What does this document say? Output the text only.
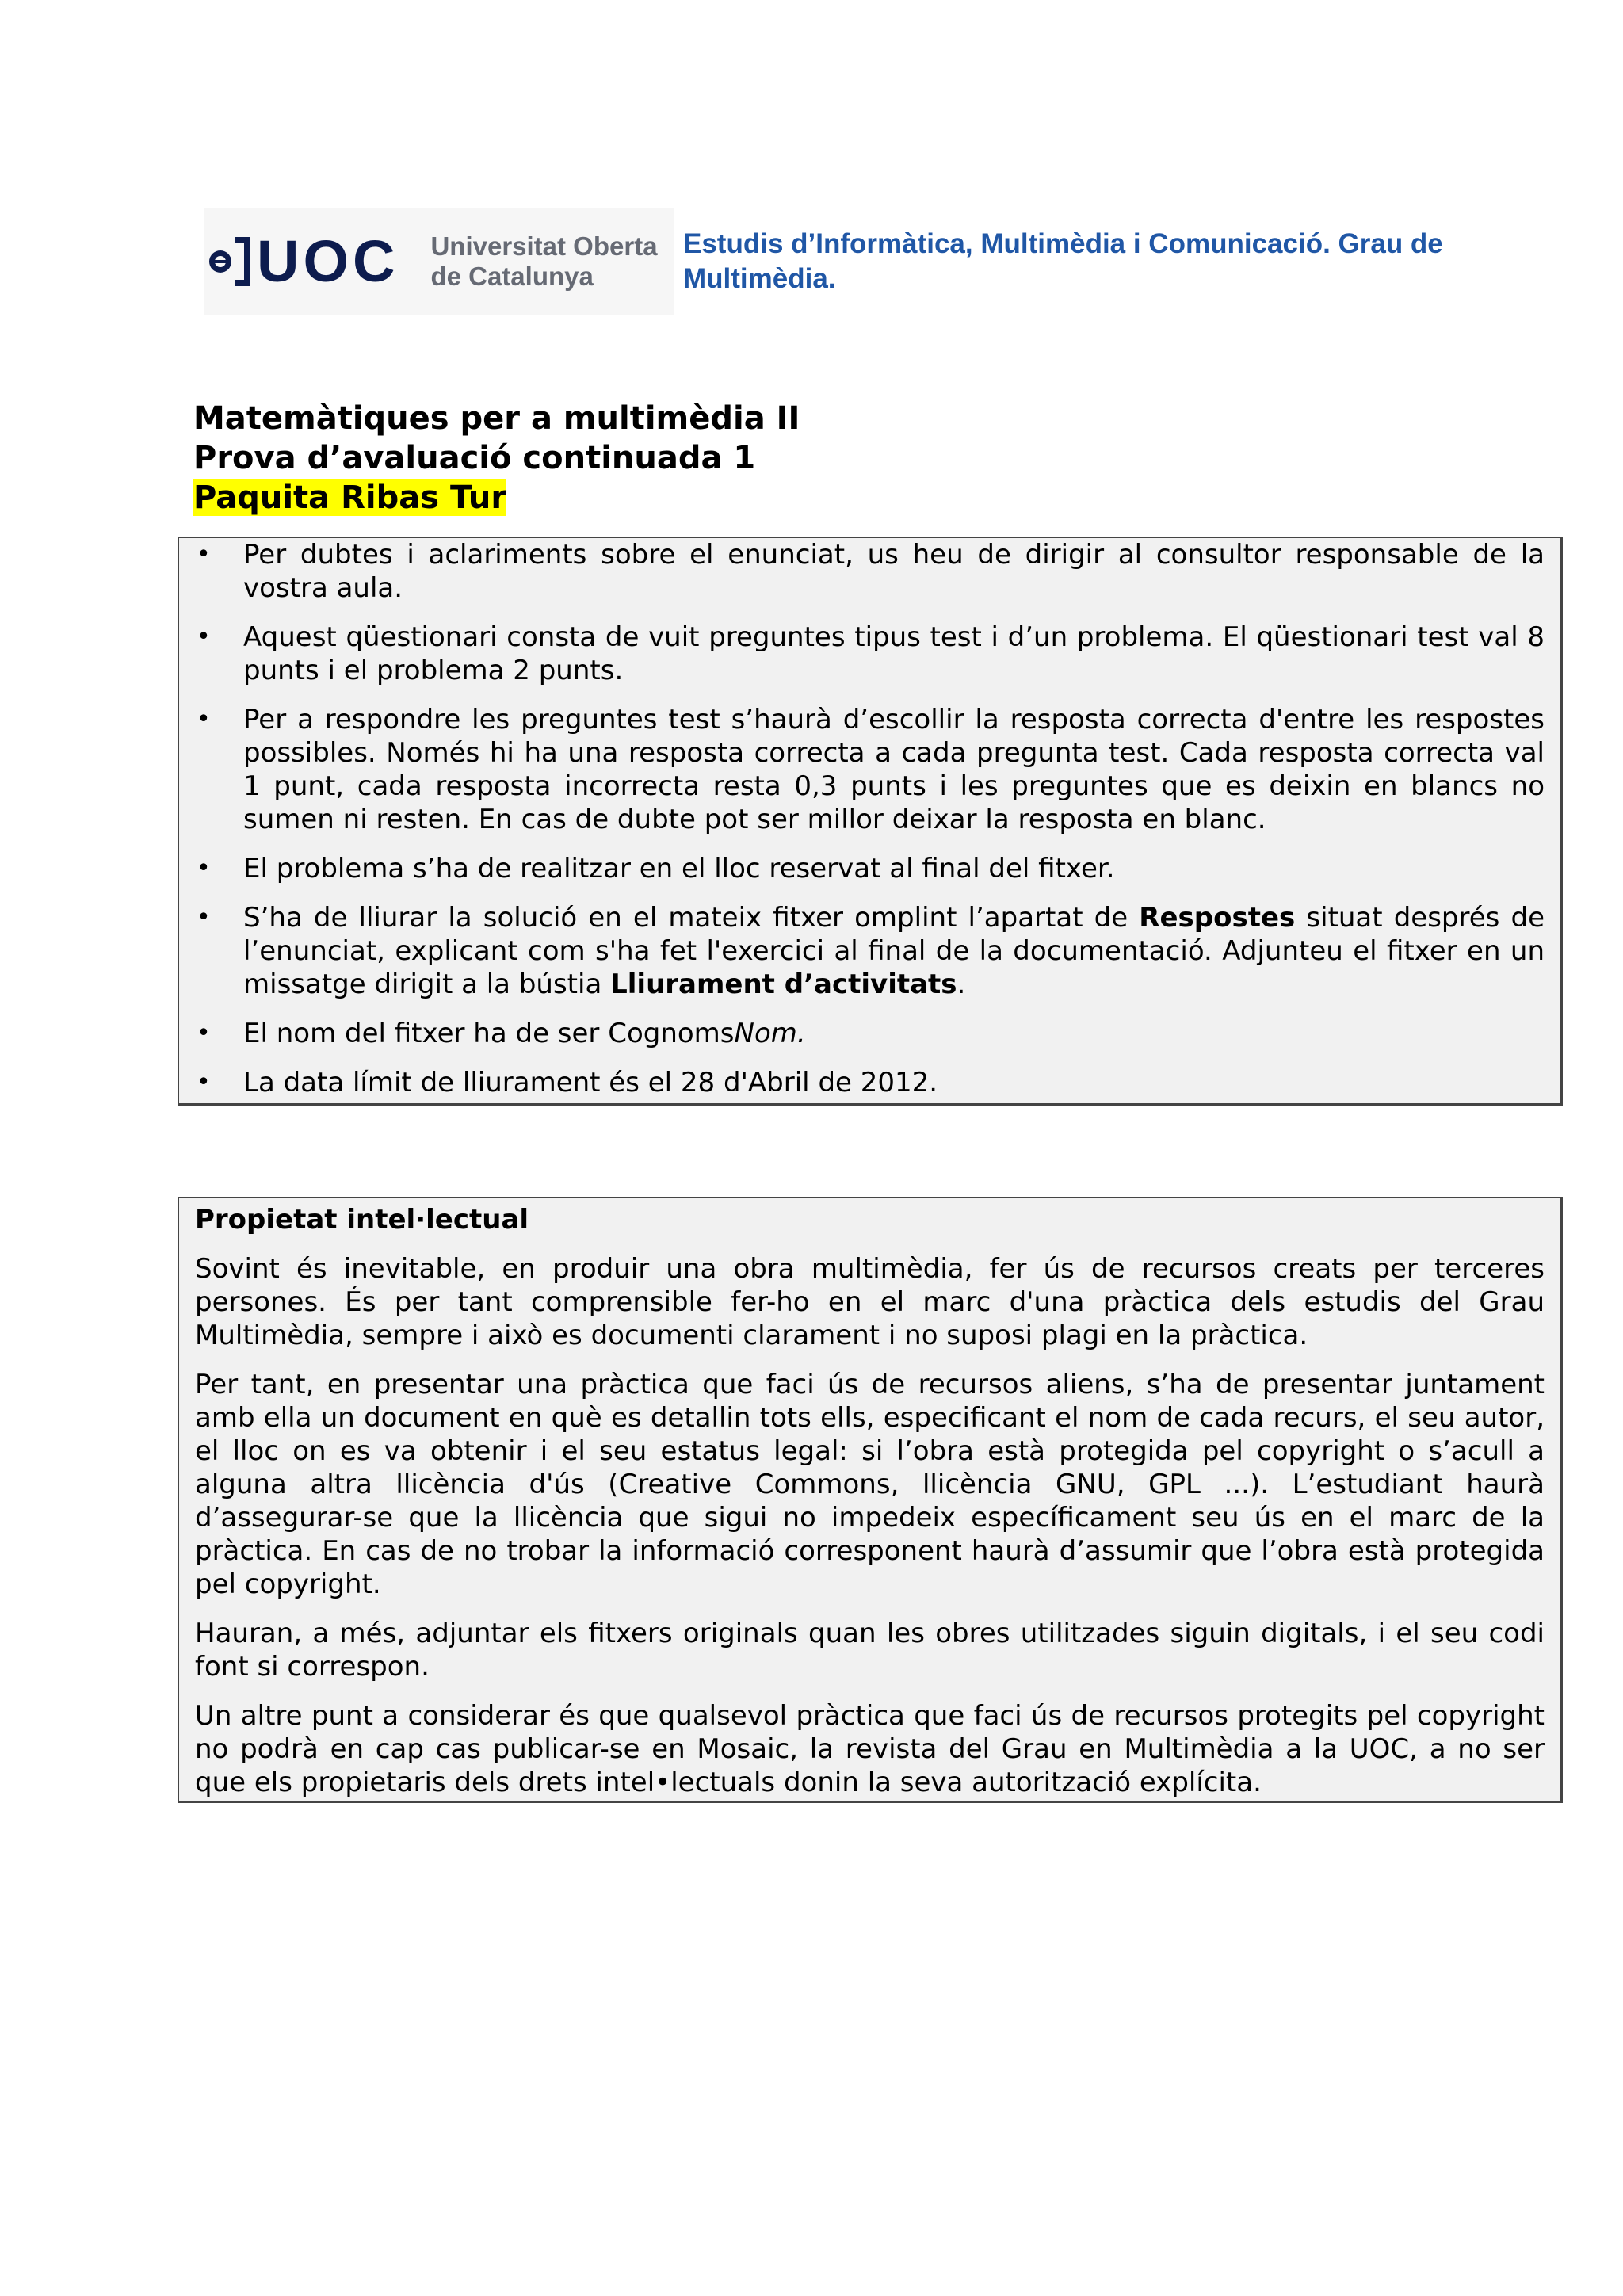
UOC Universitat Oberta
de Catalunya
Estudis d’Informàtica, Multimèdia i Comunicació. Grau de Multimèdia.
Matemàtiques per a multimèdia II
Prova d’avaluació continuada 1
Paquita Ribas Tur
• Per dubtes i aclariments sobre el enunciat, us heu de dirigir al consultor responsable de la vostra aula.
• Aquest qüestionari consta de vuit preguntes tipus test i d’un problema. El qüestionari test val 8 punts i el problema 2 punts.
• Per a respondre les preguntes test s’haurà d’escollir la resposta correcta d'entre les respostes possibles. Només hi ha una resposta correcta a cada pregunta test. Cada resposta correcta val 1 punt, cada resposta incorrecta resta 0,3 punts i les preguntes que es deixin en blancs no sumen ni resten. En cas de dubte pot ser millor deixar la resposta en blanc.
• El problema s’ha de realitzar en el lloc reservat al final del fitxer.
• S’ha de lliurar la solució en el mateix fitxer omplint l’apartat de Respostes situat després de l’enunciat, explicant com s'ha fet l'exercici al final de la documentació. Adjunteu el fitxer en un missatge dirigit a la bústia Lliurament d’activitats.
• El nom del fitxer ha de ser CognomsNom.
• La data límit de lliurament és el 28 d'Abril de 2012.
Propietat intel·lectual

Sovint és inevitable, en produir una obra multimèdia, fer ús de recursos creats per terceres persones. És per tant comprensible fer-ho en el marc d'una pràctica dels estudis del Grau Multimèdia, sempre i això es documenti clarament i no suposi plagi en la pràctica.

Per tant, en presentar una pràctica que faci ús de recursos aliens, s’ha de presentar juntament amb ella un document en què es detallin tots ells, especificant el nom de cada recurs, el seu autor, el lloc on es va obtenir i el seu estatus legal: si l’obra està protegida pel copyright o s’acull a alguna altra llicència d'ús (Creative Commons, llicència GNU, GPL ...). L’estudiant haurà d’assegurar-se que la llicència que sigui no impedeix específicament seu ús en el marc de la pràctica. En cas de no trobar la informació corresponent haurà d’assumir que l’obra està protegida pel copyright.

Hauran, a més, adjuntar els fitxers originals quan les obres utilitzades siguin digitals, i el seu codi font si correspon.

Un altre punt a considerar és que qualsevol pràctica que faci ús de recursos protegits pel copyright no podrà en cap cas publicar-se en Mosaic, la revista del Grau en Multimèdia a la UOC, a no ser que els propietaris dels drets intel•lectuals donin la seva autorització explícita.
